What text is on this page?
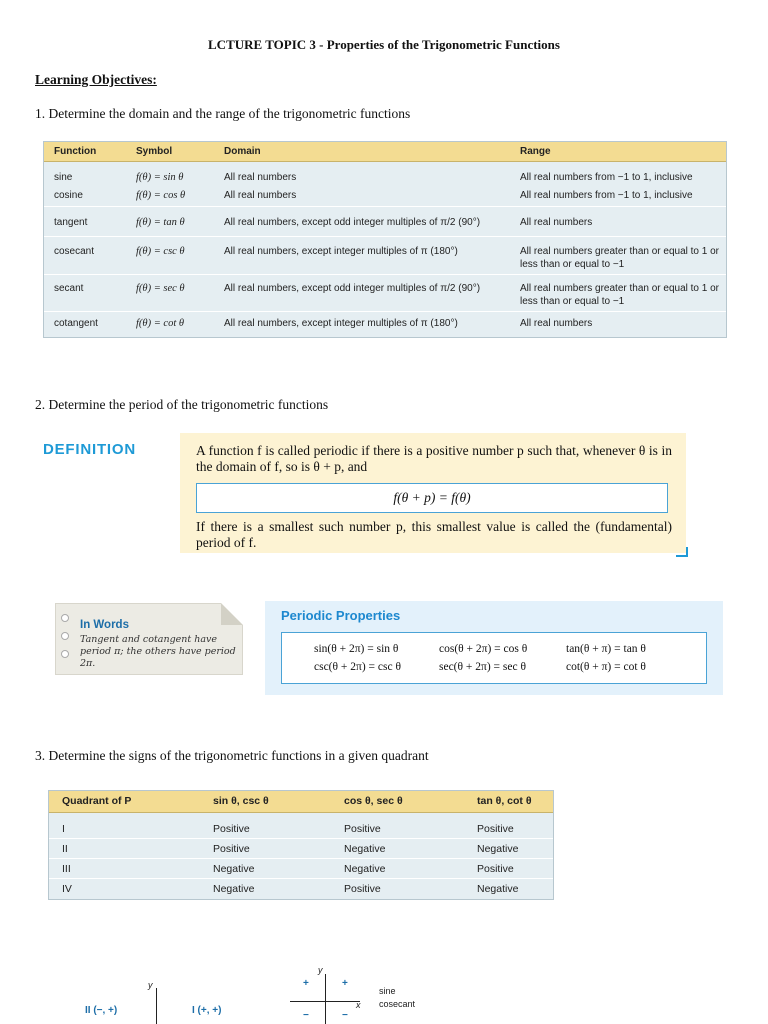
LCTURE TOPIC 3 - Properties of the Trigonometric Functions
Learning Objectives:
1. Determine the domain and the range of the trigonometric functions
Function	Symbol	Domain	Range
sine	f(θ) = sin θ	All real numbers	All real numbers from −1 to 1, inclusive
cosine	f(θ) = cos θ	All real numbers	All real numbers from −1 to 1, inclusive
tangent	f(θ) = tan θ	All real numbers, except odd integer multiples of π/2 (90°)	All real numbers
cosecant	f(θ) = csc θ	All real numbers, except integer multiples of π (180°)	All real numbers greater than or equal to 1 or less than or equal to −1
secant	f(θ) = sec θ	All real numbers, except odd integer multiples of π/2 (90°)	All real numbers greater than or equal to 1 or less than or equal to −1
cotangent	f(θ) = cot θ	All real numbers, except integer multiples of π (180°)	All real numbers
2. Determine the period of the trigonometric functions
DEFINITION	A function f is called periodic if there is a positive number p such that, whenever θ is in the domain of f, so is θ + p, and
f(θ + p) = f(θ)
If there is a smallest such number p, this smallest value is called the (fundamental) period of f.
In Words
Tangent and cotangent have period π; the others have period 2π.
Periodic Properties
sin(θ + 2π) = sin θ	cos(θ + 2π) = cos θ	tan(θ + π) = tan θ
csc(θ + 2π) = csc θ	sec(θ + 2π) = sec θ	cot(θ + π) = cot θ
3. Determine the signs of the trigonometric functions in a given quadrant
Quadrant of P	sin θ, csc θ	cos θ, sec θ	tan θ, cot θ
I	Positive	Positive	Positive
II	Positive	Negative	Negative
III	Negative	Negative	Positive
IV	Negative	Positive	Negative
y
II (−, +)	I (+, +)
y
x
+	+
−	−
sine
cosecant
